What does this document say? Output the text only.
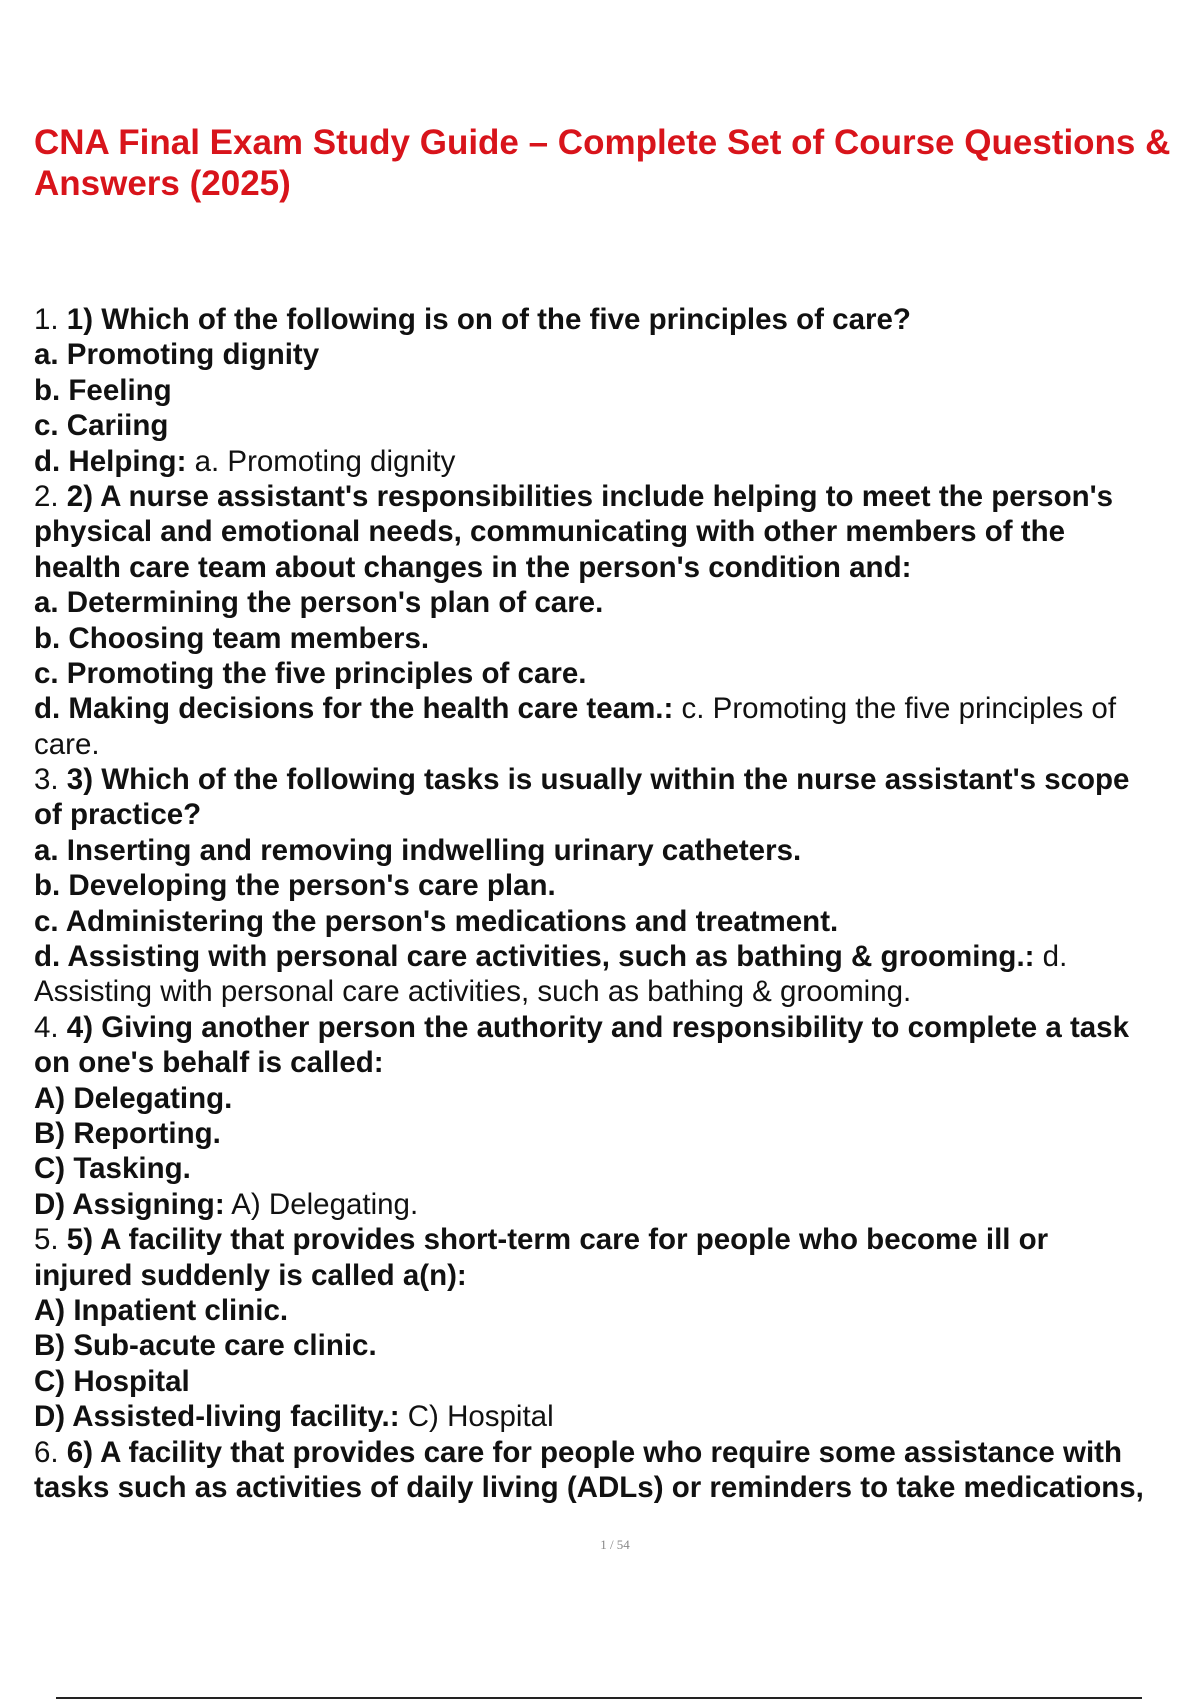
CNA Final Exam Study Guide – Complete Set of Course Questions &
Answers (2025)
1. 1) Which of the following is on of the five principles of care?
a. Promoting dignity
b. Feeling
c. Cariing
d. Helping: a. Promoting dignity
2. 2) A nurse assistant's responsibilities include helping to meet the person's
physical and emotional needs, communicating with other members of the
health care team about changes in the person's condition and:
a. Determining the person's plan of care.
b. Choosing team members.
c. Promoting the five principles of care.
d. Making decisions for the health care team.: c. Promoting the five principles of
care.
3. 3) Which of the following tasks is usually within the nurse assistant's scope
of practice?
a. Inserting and removing indwelling urinary catheters.
b. Developing the person's care plan.
c. Administering the person's medications and treatment.
d. Assisting with personal care activities, such as bathing & grooming.: d.
Assisting with personal care activities, such as bathing & grooming.
4. 4) Giving another person the authority and responsibility to complete a task
on one's behalf is called:
A) Delegating.
B) Reporting.
C) Tasking.
D) Assigning: A) Delegating.
5. 5) A facility that provides short-term care for people who become ill or
injured suddenly is called a(n):
A) Inpatient clinic.
B) Sub-acute care clinic.
C) Hospital
D) Assisted-living facility.: C) Hospital
6. 6) A facility that provides care for people who require some assistance with
tasks such as activities of daily living (ADLs) or reminders to take medications,
1 / 54
